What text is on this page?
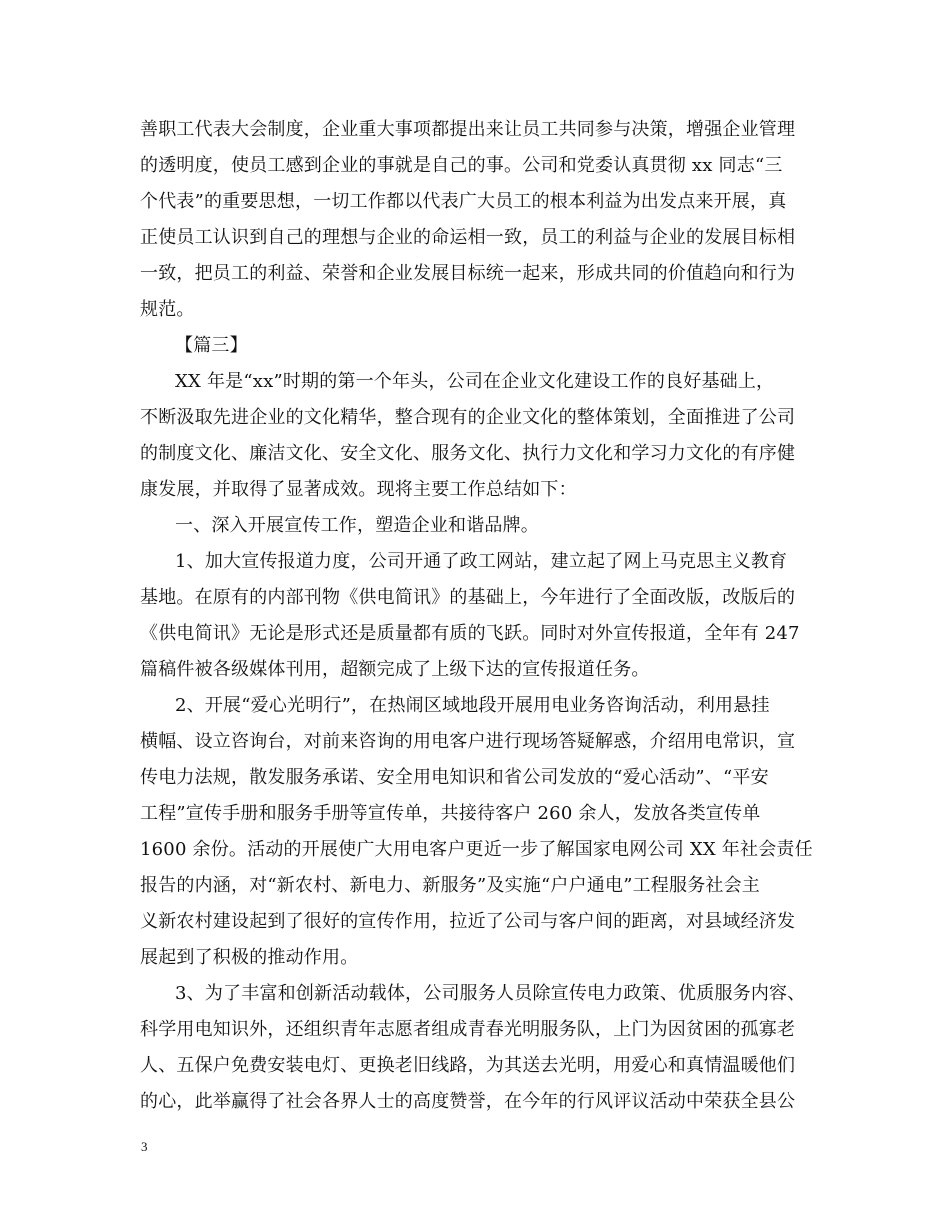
善职工代表大会制度，企业重大事项都提出来让员工共同参与决策，增强企业管理
的透明度，使员工感到企业的事就是自己的事。公司和党委认真贯彻 xx 同志“三
个代表”的重要思想，一切工作都以代表广大员工的根本利益为出发点来开展，真
正使员工认识到自己的理想与企业的命运相一致，员工的利益与企业的发展目标相
一致，把员工的利益、荣誉和企业发展目标统一起来，形成共同的价值趋向和行为
规范。
【篇三】
XX 年是“xx”时期的第一个年头，公司在企业文化建设工作的良好基础上，
不断汲取先进企业的文化精华，整合现有的企业文化的整体策划，全面推进了公司
的制度文化、廉洁文化、安全文化、服务文化、执行力文化和学习力文化的有序健
康发展，并取得了显著成效。现将主要工作总结如下：
一、深入开展宣传工作，塑造企业和谐品牌。
1、加大宣传报道力度，公司开通了政工网站，建立起了网上马克思主义教育
基地。在原有的内部刊物《供电简讯》的基础上，今年进行了全面改版，改版后的
《供电简讯》无论是形式还是质量都有质的飞跃。同时对外宣传报道，全年有 247
篇稿件被各级媒体刊用，超额完成了上级下达的宣传报道任务。
2、开展“爱心光明行”，在热闹区域地段开展用电业务咨询活动，利用悬挂
横幅、设立咨询台，对前来咨询的用电客户进行现场答疑解惑，介绍用电常识，宣
传电力法规，散发服务承诺、安全用电知识和省公司发放的“爱心活动”、“平安
工程”宣传手册和服务手册等宣传单，共接待客户 260 余人，发放各类宣传单
1600 余份。活动的开展使广大用电客户更近一步了解国家电网公司 XX 年社会责任
报告的内涵，对“新农村、新电力、新服务”及实施“户户通电”工程服务社会主
义新农村建设起到了很好的宣传作用，拉近了公司与客户间的距离，对县域经济发
展起到了积极的推动作用。
3、为了丰富和创新活动载体，公司服务人员除宣传电力政策、优质服务内容、
科学用电知识外，还组织青年志愿者组成青春光明服务队，上门为因贫困的孤寡老
人、五保户免费安装电灯、更换老旧线路，为其送去光明，用爱心和真情温暖他们
的心，此举赢得了社会各界人士的高度赞誉，在今年的行风评议活动中荣获全县公
3
